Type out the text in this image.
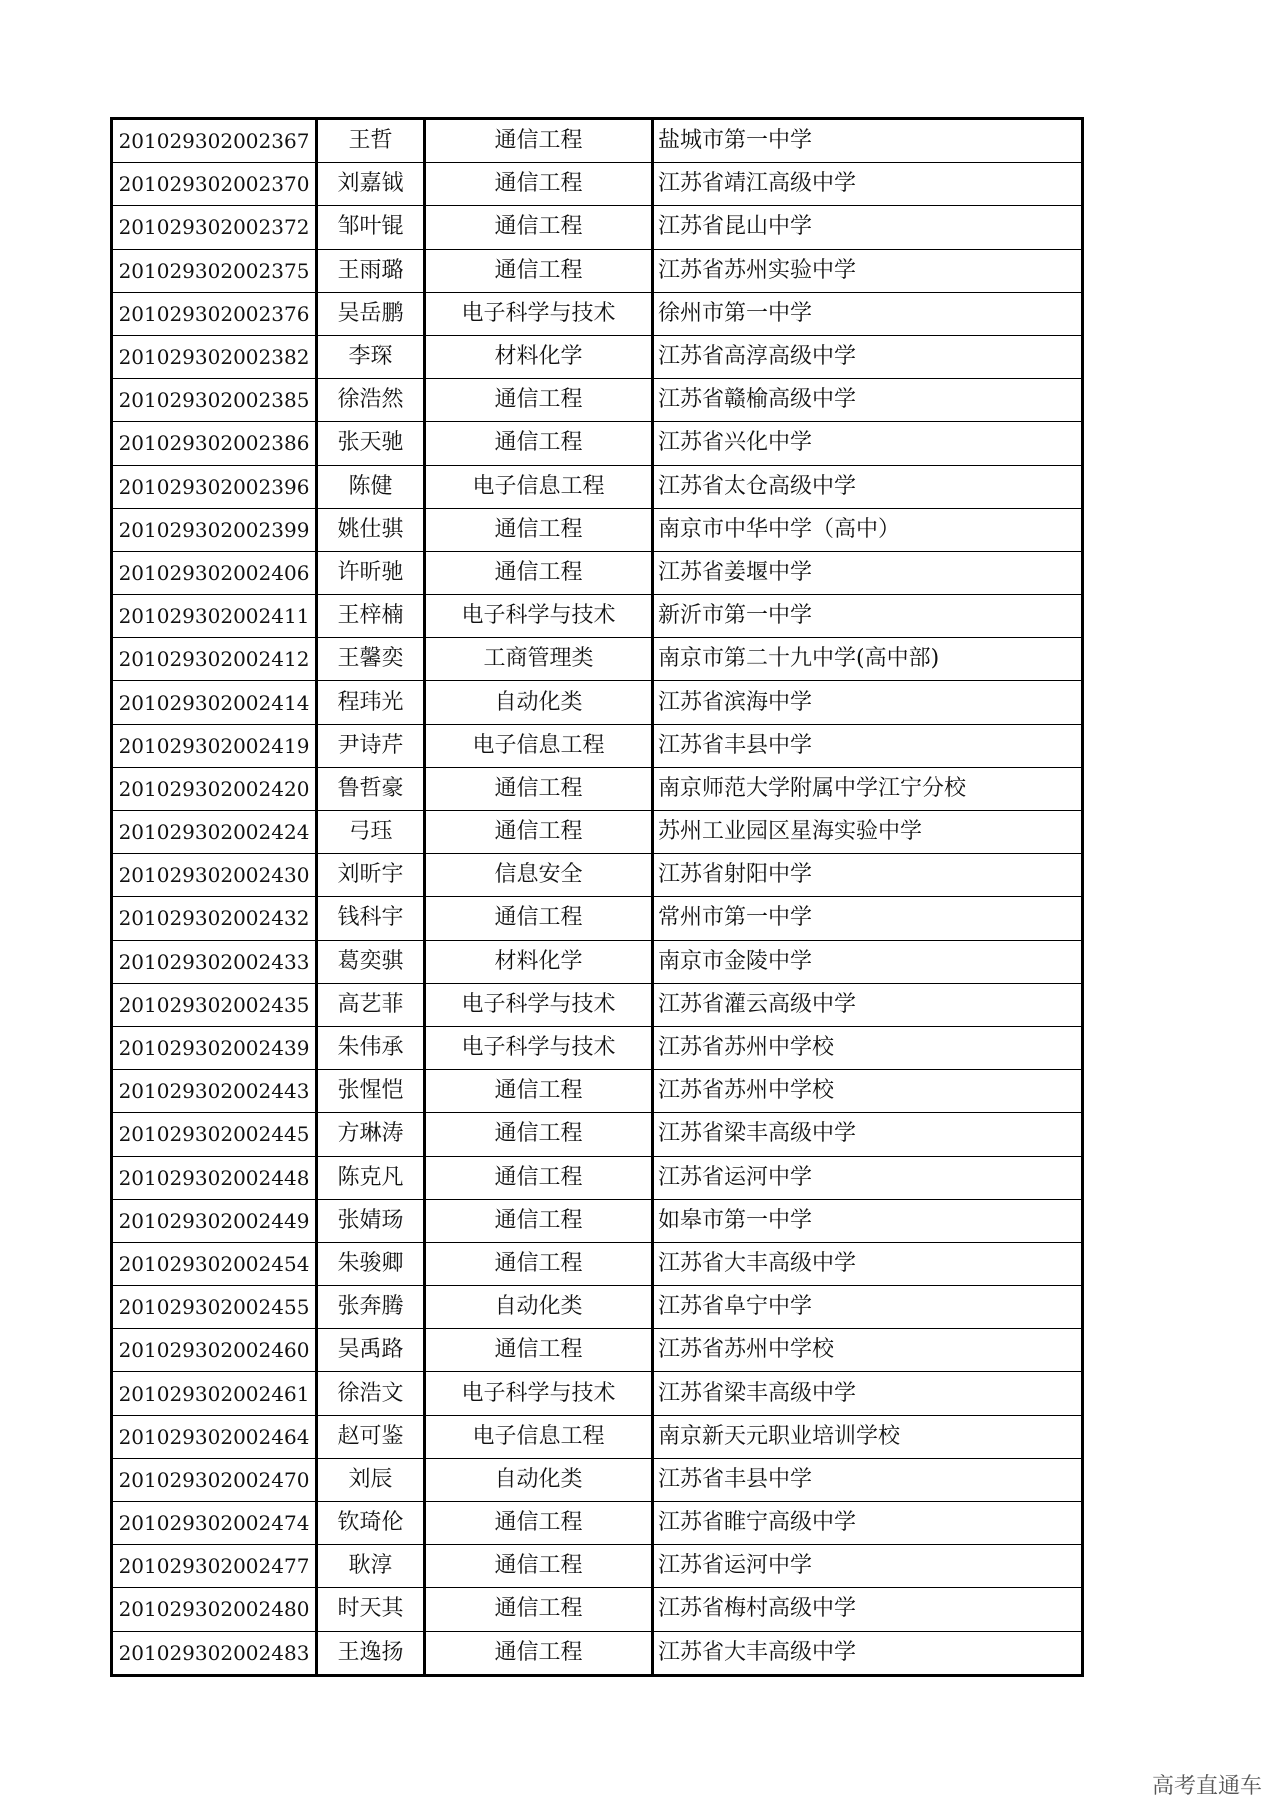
201029302002367	王哲	通信工程	盐城市第一中学
201029302002370	刘嘉钺	通信工程	江苏省靖江高级中学
201029302002372	邹叶锟	通信工程	江苏省昆山中学
201029302002375	王雨璐	通信工程	江苏省苏州实验中学
201029302002376	吴岳鹏	电子科学与技术	徐州市第一中学
201029302002382	李琛	材料化学	江苏省高淳高级中学
201029302002385	徐浩然	通信工程	江苏省赣榆高级中学
201029302002386	张天驰	通信工程	江苏省兴化中学
201029302002396	陈健	电子信息工程	江苏省太仓高级中学
201029302002399	姚仕骐	通信工程	南京市中华中学（高中）
201029302002406	许昕驰	通信工程	江苏省姜堰中学
201029302002411	王梓楠	电子科学与技术	新沂市第一中学
201029302002412	王馨奕	工商管理类	南京市第二十九中学(高中部)
201029302002414	程玮光	自动化类	江苏省滨海中学
201029302002419	尹诗芹	电子信息工程	江苏省丰县中学
201029302002420	鲁哲豪	通信工程	南京师范大学附属中学江宁分校
201029302002424	弓珏	通信工程	苏州工业园区星海实验中学
201029302002430	刘昕宇	信息安全	江苏省射阳中学
201029302002432	钱科宇	通信工程	常州市第一中学
201029302002433	葛奕骐	材料化学	南京市金陵中学
201029302002435	高艺菲	电子科学与技术	江苏省灌云高级中学
201029302002439	朱伟承	电子科学与技术	江苏省苏州中学校
201029302002443	张惺恺	通信工程	江苏省苏州中学校
201029302002445	方琳涛	通信工程	江苏省梁丰高级中学
201029302002448	陈克凡	通信工程	江苏省运河中学
201029302002449	张婧玚	通信工程	如皋市第一中学
201029302002454	朱骏卿	通信工程	江苏省大丰高级中学
201029302002455	张奔腾	自动化类	江苏省阜宁中学
201029302002460	吴禹路	通信工程	江苏省苏州中学校
201029302002461	徐浩文	电子科学与技术	江苏省梁丰高级中学
201029302002464	赵可鉴	电子信息工程	南京新天元职业培训学校
201029302002470	刘辰	自动化类	江苏省丰县中学
201029302002474	钦琦伦	通信工程	江苏省睢宁高级中学
201029302002477	耿淳	通信工程	江苏省运河中学
201029302002480	时天其	通信工程	江苏省梅村高级中学
201029302002483	王逸扬	通信工程	江苏省大丰高级中学
高考直通车
